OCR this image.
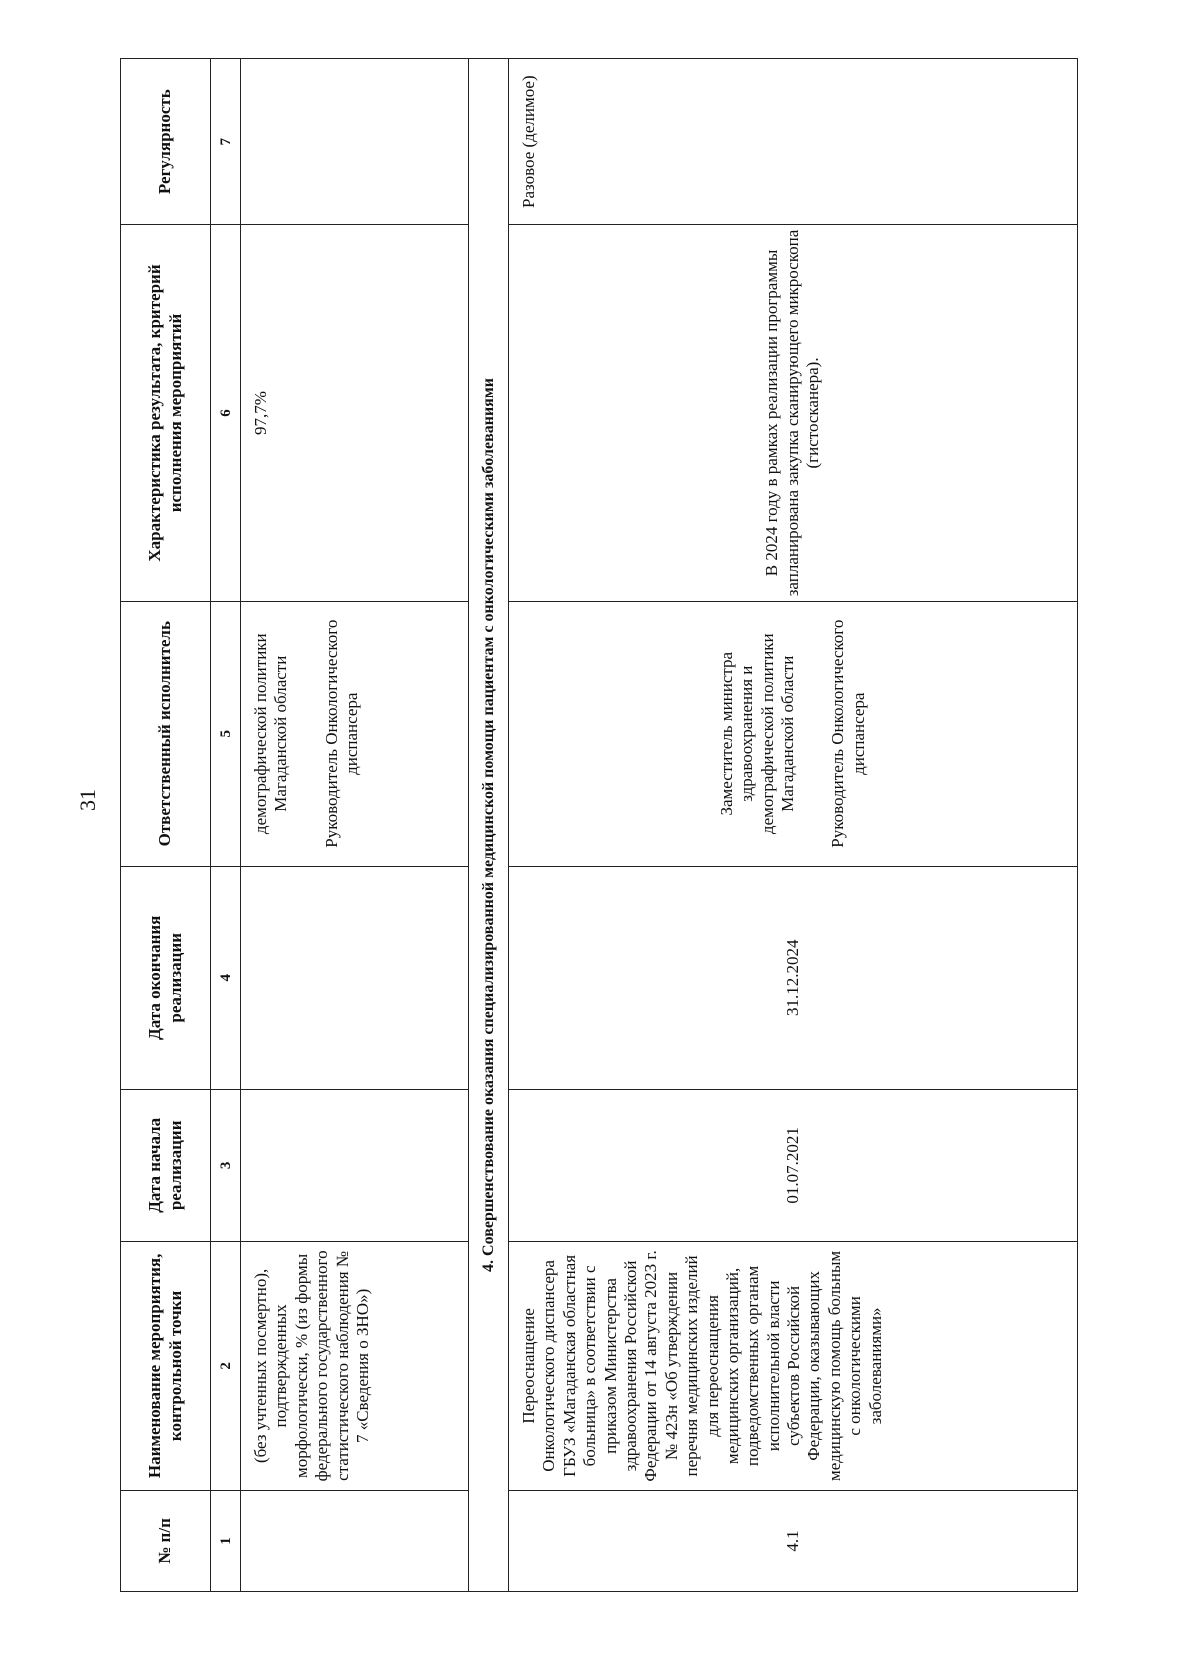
31
№ п/п	Наименование мероприятия, контрольной точки	Дата начала реализации	Дата окончания реализации	Ответственный исполнитель	Характеристика результата, критерий исполнения мероприятий	Регулярность
1	2	3	4	5	6	7
	(без учтенных посмертно), подтвержденных морфологически, % (из формы федерального государственного статистического наблюдения № 7 «Сведения о ЗНО»)			демографической политики Магаданской области Руководитель Онкологического диспансера	97,7%	
4. Совершенствование оказания специализированной медицинской помощи пациентам с онкологическими заболеваниями						
4.1	Переоснащение Онкологического диспансера ГБУЗ «Магаданская областная больница» в соответствии с приказом Министерства здравоохранения Российской Федерации от 14 августа 2023 г. № 423н «Об утверждении перечня медицинских изделий для переоснащения медицинских организаций, подведомственных органам исполнительной власти субъектов Российской Федерации, оказывающих медицинскую помощь больным с онкологическими заболеваниями»	01.07.2021	31.12.2024	Заместитель министра здравоохранения и демографической политики Магаданской области Руководитель Онкологического диспансера	В 2024 году в рамках реализации программы запланирована закупка сканирующего микроскопа (гистосканера).	Разовое (делимое)
